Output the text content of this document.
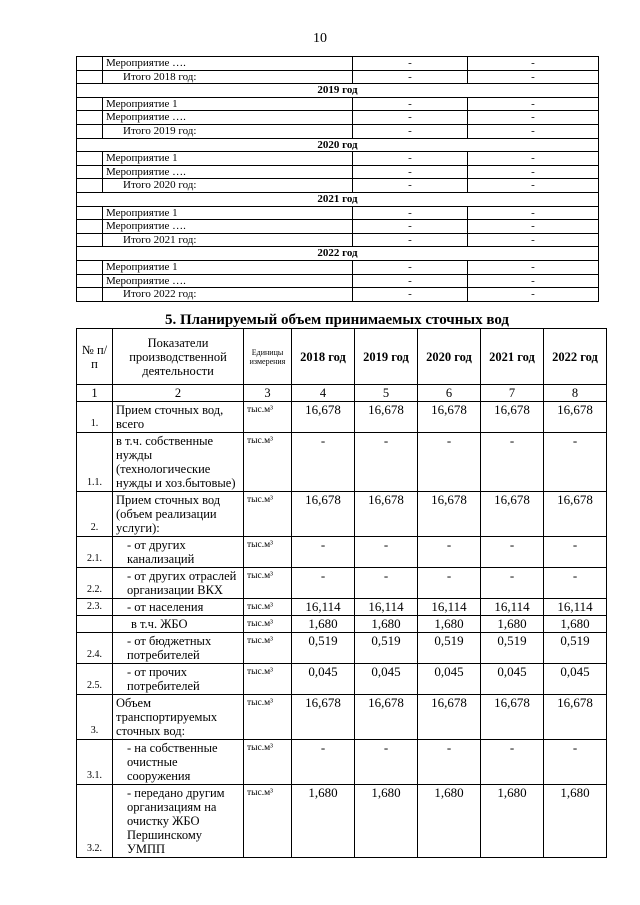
10
	Мероприятие ….	-	-
	Итого 2018 год:	-	-
2019 год			
	Мероприятие 1	-	-
	Мероприятие ….	-	-
	Итого 2019 год:	-	-
2020 год			
	Мероприятие 1	-	-
	Мероприятие ….	-	-
	Итого 2020 год:	-	-
2021 год			
	Мероприятие 1	-	-
	Мероприятие ….	-	-
	Итого 2021 год:	-	-
2022 год			
	Мероприятие 1	-	-
	Мероприятие ….	-	-
	Итого 2022 год:	-	-
5. Планируемый объем принимаемых сточных вод
№ п/п	Показатели производственной деятельности	Единицы измерения	2018 год	2019 год	2020 год	2021 год	2022 год
1	2	3	4	5	6	7	8
1.	Прием сточных вод, всего	тыс.м³	16,678	16,678	16,678	16,678	16,678
1.1.	в т.ч. собственные нужды (технологические нужды и хоз.бытовые)	тыс.м³	-	-	-	-	-
2.	Прием сточных вод (объем реализации услуги):	тыс.м³	16,678	16,678	16,678	16,678	16,678
2.1.	- от других канализаций	тыс.м³	-	-	-	-	-
2.2.	- от других отраслей организации ВКХ	тыс.м³	-	-	-	-	-
2.3.	- от населения	тыс.м³	16,114	16,114	16,114	16,114	16,114
	в т.ч. ЖБО	тыс.м³	1,680	1,680	1,680	1,680	1,680
2.4.	- от бюджетных потребителей	тыс.м³	0,519	0,519	0,519	0,519	0,519
2.5.	- от прочих потребителей	тыс.м³	0,045	0,045	0,045	0,045	0,045
3.	Объем транспортируемых сточных вод:	тыс.м³	16,678	16,678	16,678	16,678	16,678
3.1.	- на собственные очистные сооружения	тыс.м³	-	-	-	-	-
3.2.	- передано другим организациям на очистку ЖБО Першинскому УМПП	тыс.м³	1,680	1,680	1,680	1,680	1,680
